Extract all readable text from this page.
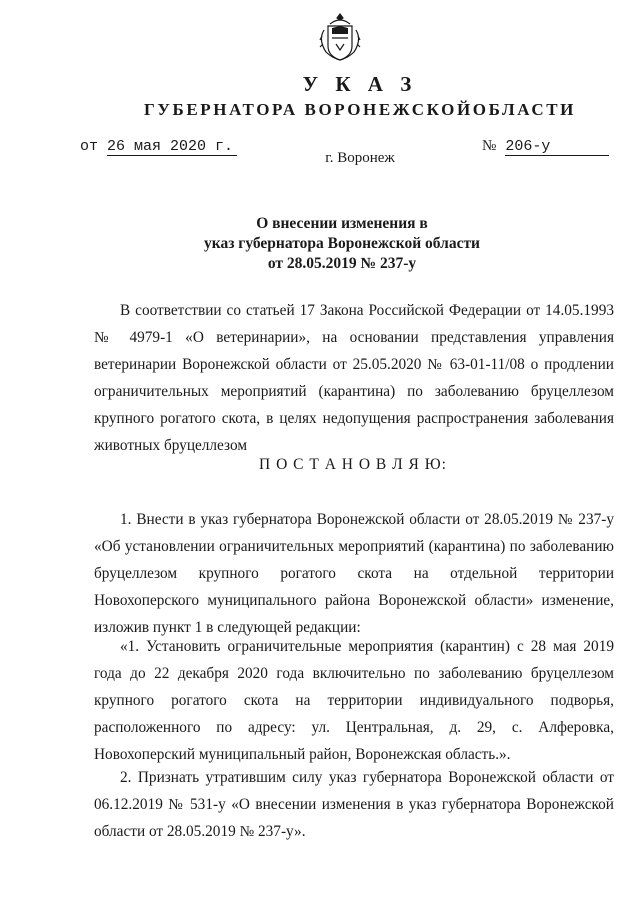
У К А З
ГУБЕРНАТОРА ВОРОНЕЖСКОЙОБЛАСТИ
от 26 мая 2020 г.	№ 206-у
г. Воронеж
О внесении изменения в
указ губернатора Воронежской области
от 28.05.2019 № 237-у
В соответствии со статьей 17 Закона Российской Федерации от 14.05.1993
№ 4979-1 «О ветеринарии», на основании представления управления
ветеринарии Воронежской области от 25.05.2020 № 63-01-11/08 о продлении
ограничительных мероприятий (карантина) по заболеванию бруцеллезом
крупного рогатого скота, в целях недопущения распространения заболевания
животных бруцеллезом
П О С Т А Н О В Л Я Ю:
1. Внести в указ губернатора Воронежской области от 28.05.2019 № 237-у
«Об установлении ограничительных мероприятий (карантина) по заболеванию
бруцеллезом крупного рогатого скота на отдельной территории
Новохоперского муниципального района Воронежской области» изменение,
изложив пункт 1 в следующей редакции:
«1. Установить ограничительные мероприятия (карантин) с 28 мая 2019
года до 22 декабря 2020 года включительно по заболеванию бруцеллезом
крупного рогатого скота на территории индивидуального подворья,
расположенного по адресу: ул. Центральная, д. 29, с. Алферовка,
Новохоперский муниципальный район, Воронежская область.».
2. Признать утратившим силу указ губернатора Воронежской области от
06.12.2019 № 531-у «О внесении изменения в указ губернатора Воронежской
области от 28.05.2019 № 237-у».
